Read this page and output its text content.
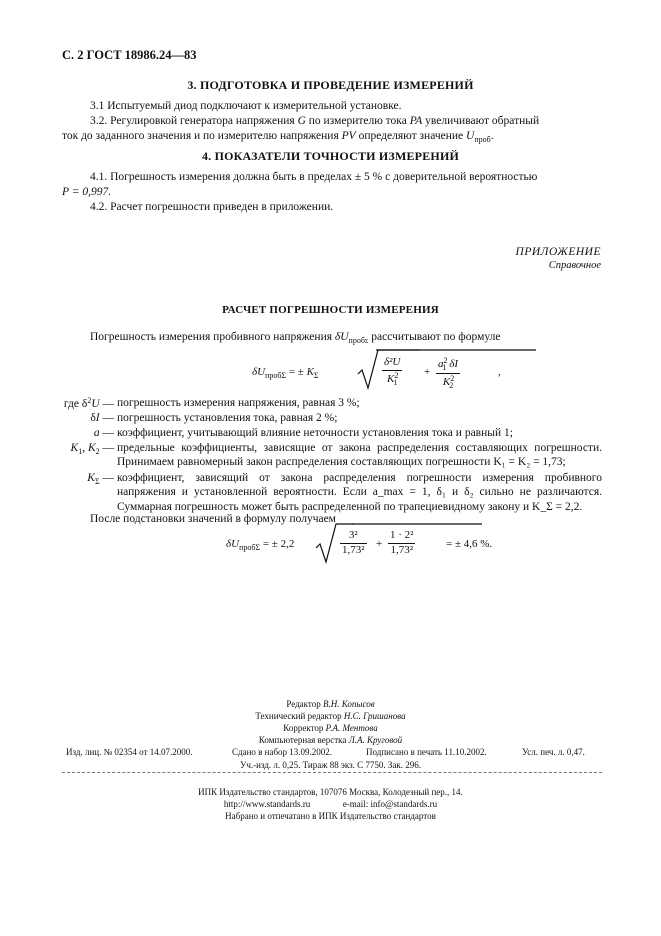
С. 2 ГОСТ 18986.24—83
3. ПОДГОТОВКА И ПРОВЕДЕНИЕ ИЗМЕРЕНИЙ
3.1 Испытуемый диод подключают к измерительной установке.
3.2. Регулировкой генератора напряжения G по измерителю тока PA увеличивают обратный
ток до заданного значения и по измерителю напряжения PV определяют значение $U_{проб}$.
4. ПОКАЗАТЕЛИ ТОЧНОСТИ ИЗМЕРЕНИЙ
4.1. Погрешность измерения должна быть в пределах ± 5 % с доверительной вероятностью
P = 0,997.
4.2. Расчет погрешности приведен в приложении.
ПРИЛОЖЕНИЕ
Справочное
РАСЧЕТ ПОГРЕШНОСТИ ИЗМЕРЕНИЯ
Погрешность измерения пробивного напряжения $\delta U_{проб\Sigma}$ рассчитывают по формуле
$\delta U_{проб\Sigma}$ = ± $K_\Sigma$	$\frac{\text{δ²U}}{K^2_1} + \frac{a^2_1 \delta I}{K^2_2}$	,
где $\delta^2U$ — погрешность измерения напряжения, равная 3 %;
δI — погрешность установления тока, равная 2 %;
a — коэффициент, учитывающий влияние неточности установления тока и равный 1;
$K_1$, $K_2$ — предельные коэффициенты, зависящие от закона распределения составляющих погрешности. Принимаем равномерный закон распределения составляющих погрешности K₁ = K₂ = 1,73;
$K_\Sigma$ — коэффициент, зависящий от закона распределения погрешности измерения пробивного напряжения и установленной вероятности. Если a_max = 1, δ₁ и δ₂ сильно не различаются. Суммарная погрешность может быть распределенной по трапециевидному закону и K_Σ = 2,2.
После подстановки значений в формулу получаем
$\delta U_{проб\Sigma}$ = ± 2,2	$\frac{\text{3²}}{\text{1,73²}} + \frac{\text{1 · 2²}}{\text{1,73²}}$	= ± 4,6 %.
Редактор В.Н. Копысов
Технический редактор Н.С. Гришанова
Корректор Р.А. Ментова
Компьютерная верстка Л.А. Круговой
Изд. лиц. № 02354 от 14.07.2000.	Сдано в набор 13.09.2002.	Подписано в печать 11.10.2002.	Усл. печ. л. 0,47.
Уч.-изд. л. 0,25. Тираж 88 экз. С 7750. Зак. 296.
ИПК Издательство стандартов, 107076 Москва, Колодезный пер., 14.
http://www.standards.ru	e-mail: info@standards.ru
Набрано и отпечатано в ИПК Издательство стандартов
